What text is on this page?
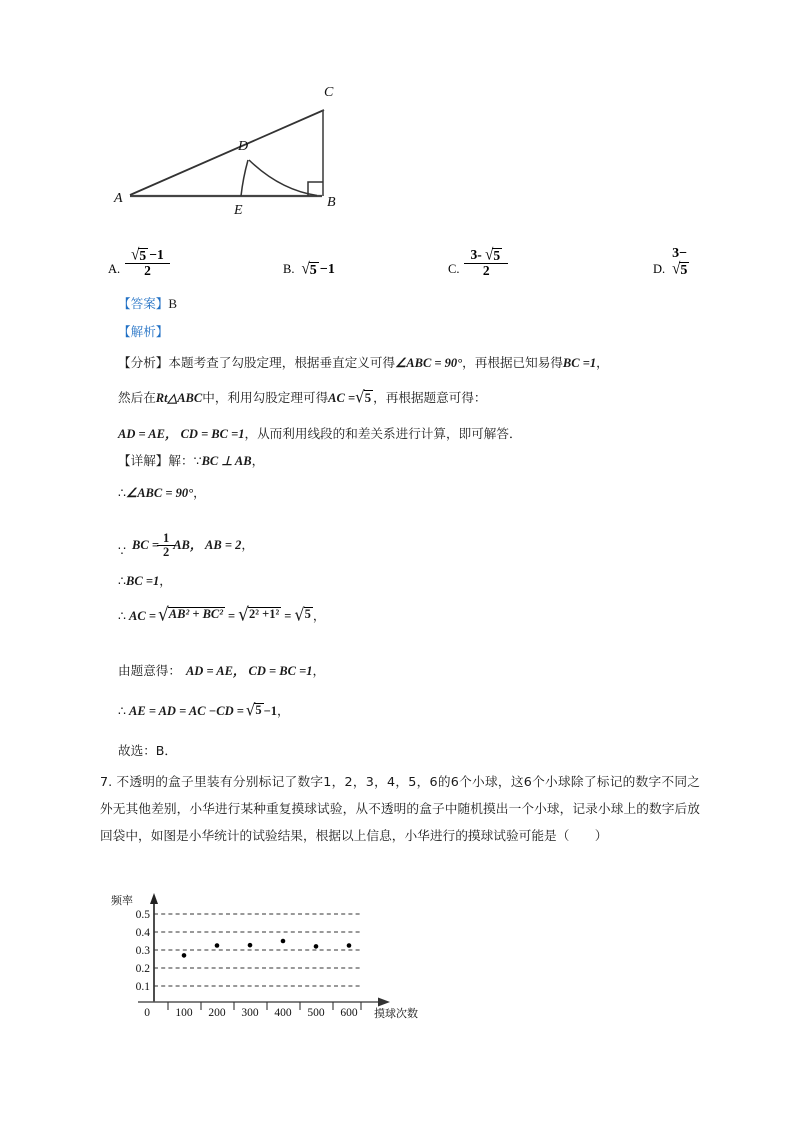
A	B
C
D
E
A. $\frac{√ 5 -1}{2}$	B. √ 5  −1	C. $\frac{3- √ 5}{2}$	D.
3−
√ 5
【答案】B
【解析】
【分析】本题考查了勾股定理，根据垂直定义可得∠ABC = 90°，再根据已知易得BC =1，
然后在Rt△ABC中，利用勾股定理可得AC = √ 5 ，再根据题意可得：
AD = AE， CD = BC =1，从而利用线段的和差关系进行计算，即可解答．
【详解】解：∵BC ⊥ AB，
∴∠ABC = 90°，
∵ BC = $\frac{1}{2}$ AB， AB = 2，
∴BC =1，
∴ AC = √ AB² + BC² = √ 2² +1² = √ 5 ，
由题意得： AD = AE， CD = BC =1，
∴ AE = AD = AC −CD = √ 5 −1，
故选：B．
7. 不透明的盒子里装有分别标记了数字1，2，3，4，5，6的6个小球，这6个小球除了标记的数字不同之外无其他差别，小华进行某种重复摸球试验，从不透明的盒子中随机摸出一个小球，记录小球上的数字后放回袋中，如图是小华统计的试验结果，根据以上信息，小华进行的摸球试验可能是（　　）
频率
0.5
0.4
0.3
0.2
0.1
0 100 200 300 400 500 600 摸球次数
